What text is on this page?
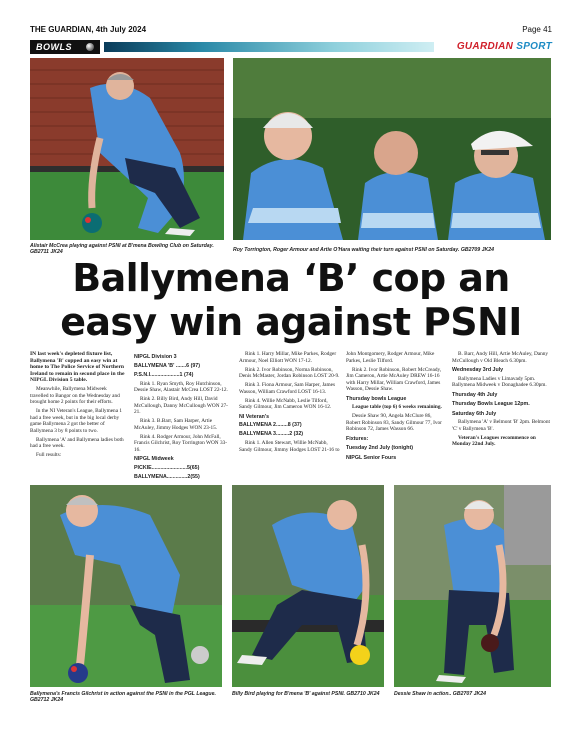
THE GUARDIAN, 4th July 2024	Page 41
BOWLS	GUARDIAN SPORT
Alistair McCrea playing against PSNI at B'mena Bowling Club on Saturday. GB2711 JK24	Roy Torrington, Roger Armour and Artie O'Hara waiting their turn against PSNI on Saturday. GB2709 JK24
Ballymena ‘B’ cop an
easy win against PSNI

IN last week's depleted fixture list, Ballymena 'B' copped an easy win at home to The Police Service of Northern Ireland to remain in second place in the NIPGL Division 5 table.

Meanwhile, Ballymena Midweek travelled to Bangor on the Wednesday and brought home 2 points for their efforts.

In the NI Veteran's League, Ballymena 1 had a free week, but in the big local derby game Ballymena 2 got the better of Ballymena 3 by 8 points to two.

Ballymena 'A' and Ballymena ladies both had a free week.

Full results:

NIPGL Division 3

BALLYMENA 'B' .......6 (97)

P.S.N.I....................1 (74)

Rink 1. Ryan Smyth, Roy Hutchinson, Dessie Shaw, Alastair McCrea LOST 22-12.

Rink 2. Billy Bird, Andy Hill, David McCullough, Danny McCullough WON 27-21.

Rink 3. B.Barr, Sam Harper, Artie McAuley, Jimmy Hodges WON 23-15.

Rink 4. Rodger Armour, John McFall, Francis Gilchrist, Roy Torrington WON 33-16.

NIPGL Midweek

PICKIE........................5(65)

BALLYMENA..............2(55)

Rink 1. Harry Millar, Mike Parkes, Rodger Armour, Noel Elliott WON 17-12.

Rink 2. Ivor Robinson, Norma Robinson, Denis McMaster, Jordan Robinson LOST 20-9.

Rink 3. Fiona Armour, Sam Harper, James Wasson, William Crawford LOST 16-13.

Rink 4. Willie McNabb, Leslie Tilford, Sandy Gilmour, Jim Cameron WON 16-12.

NI Veteran's

BALLYMENA 2........8 (37)

BALLYMENA 3.........2 (32)

Rink 1. Allen Stewart, Willie McNabb, Sandy Gilmour, Jimmy Hodges LOST 21-16 to

John Montgomery, Rodger Armour, Mike Parkes, Leslie Tilford.

Rink 2. Ivor Robinson, Robert McCready, Jim Cameron, Artie McAuley DREW 16-16 with Harry Millar, William Crawford, James Wasson, Dessie Shaw.

Thursday bowls League

League table (top 6) 6 weeks remaining.

Dessie Shaw 90, Angela McClure 86, Robert Robinson 83, Sandy Gilmour 77, Ivor Robinson 72, James Wasson 66.

Fixtures:

Tuesday 2nd July (tonight)

NIPGL Senior Fours

B. Barr, Andy Hill, Artie McAuley, Danny McCullough v Old Bleach 6.30pm.

Wednesday 3rd July

Ballymena Ladies v Limavady 5pm. Ballymena Midweek v Donaghadee 6.30pm.

Thursday 4th July

Thursday Bowls League 12pm.

Saturday 6th July

Ballymena 'A' v Belmont 'B' 2pm. Belmont 'C' v Ballymena 'B'.

Veteran's Leagues recommence on Monday 22nd July.

Ballymena's Francis Gilchrist in action against the PSNI in the PGL League. GB2712 JK24
Billy Bird playing for B'mena 'B' against PSNI. GB2710 JK24	Dessie Shaw in action.. GB2707 JK24
